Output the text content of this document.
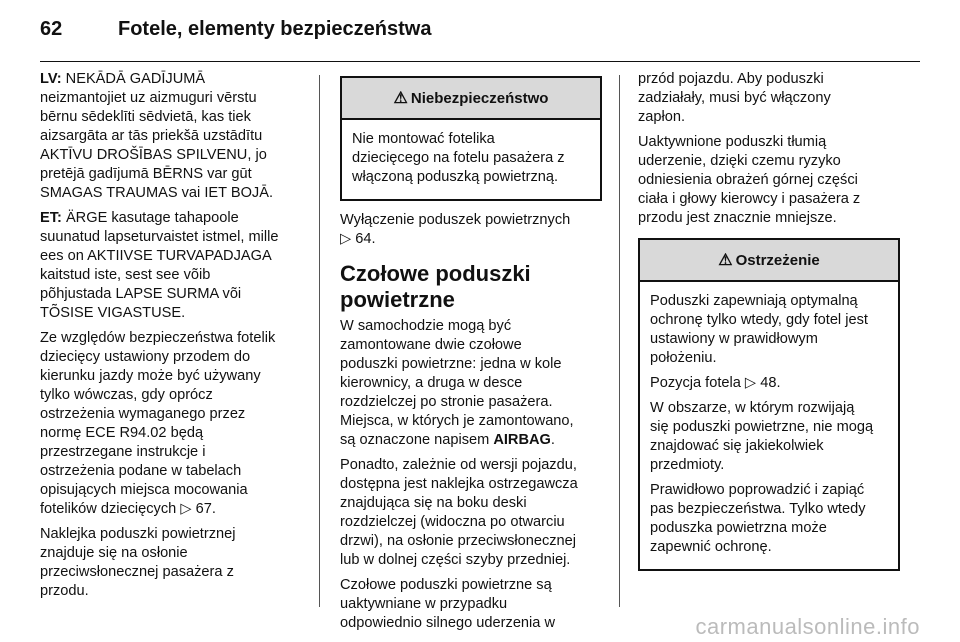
62	Fotele, elementy bezpieczeństwa

LV: NEKĀDĀ GADĪJUMĀ
neizmantojiet uz aizmuguri vērstu
bērnu sēdeklīti sēdvietā, kas tiek
aizsargāta ar tās priekšā uzstādītu
AKTĪVU DROŠĪBAS SPILVENU, jo
pretējā gadījumā BĒRNS var gūt
SMAGAS TRAUMAS vai IET BOJĀ.

ET: ÄRGE kasutage tahapoole
suunatud lapseturvaistet istmel, mille
ees on AKTIIVSE TURVAPADJAGA
kaitstud iste, sest see võib
põhjustada LAPSE SURMA või
TÕSISE VIGASTUSE.

Ze względów bezpieczeństwa fotelik
dziecięcy ustawiony przodem do
kierunku jazdy może być używany
tylko wówczas, gdy oprócz
ostrzeżenia wymaganego przez
normę ECE R94.02 będą
przestrzegane instrukcje i
ostrzeżenia podane w tabelach
opisujących miejsca mocowania
fotelików dziecięcych ▷ 67.

Naklejka poduszki powietrznej
znajduje się na osłonie
przeciwsłonecznej pasażera z
przodu.

⚠ Niebezpieczeństwo

Nie montować fotelika
dziecięcego na fotelu pasażera z
włączoną poduszką powietrzną.

Wyłączenie poduszek powietrznych
▷ 64.

Czołowe poduszki
powietrzne

W samochodzie mogą być
zamontowane dwie czołowe
poduszki powietrzne: jedna w kole
kierownicy, a druga w desce
rozdzielczej po stronie pasażera.
Miejsca, w których je zamontowano,
są oznaczone napisem AIRBAG.

Ponadto, zależnie od wersji pojazdu,
dostępna jest naklejka ostrzegawcza
znajdująca się na boku deski
rozdzielczej (widoczna po otwarciu
drzwi), na osłonie przeciwsłonecznej
lub w dolnej części szyby przedniej.

Czołowe poduszki powietrzne są
uaktywniane w przypadku
odpowiednio silnego uderzenia w

przód pojazdu. Aby poduszki
zadziałały, musi być włączony
zapłon.

Uaktywnione poduszki tłumią
uderzenie, dzięki czemu ryzyko
odniesienia obrażeń górnej części
ciała i głowy kierowcy i pasażera z
przodu jest znacznie mniejsze.

⚠ Ostrzeżenie

Poduszki zapewniają optymalną
ochronę tylko wtedy, gdy fotel jest
ustawiony w prawidłowym
położeniu.

Pozycja fotela ▷ 48.

W obszarze, w którym rozwijają
się poduszki powietrzne, nie mogą
znajdować się jakiekolwiek
przedmioty.

Prawidłowo poprowadzić i zapiąć
pas bezpieczeństwa. Tylko wtedy
poduszka powietrzna może
zapewnić ochronę.

carmanualsonline.info
